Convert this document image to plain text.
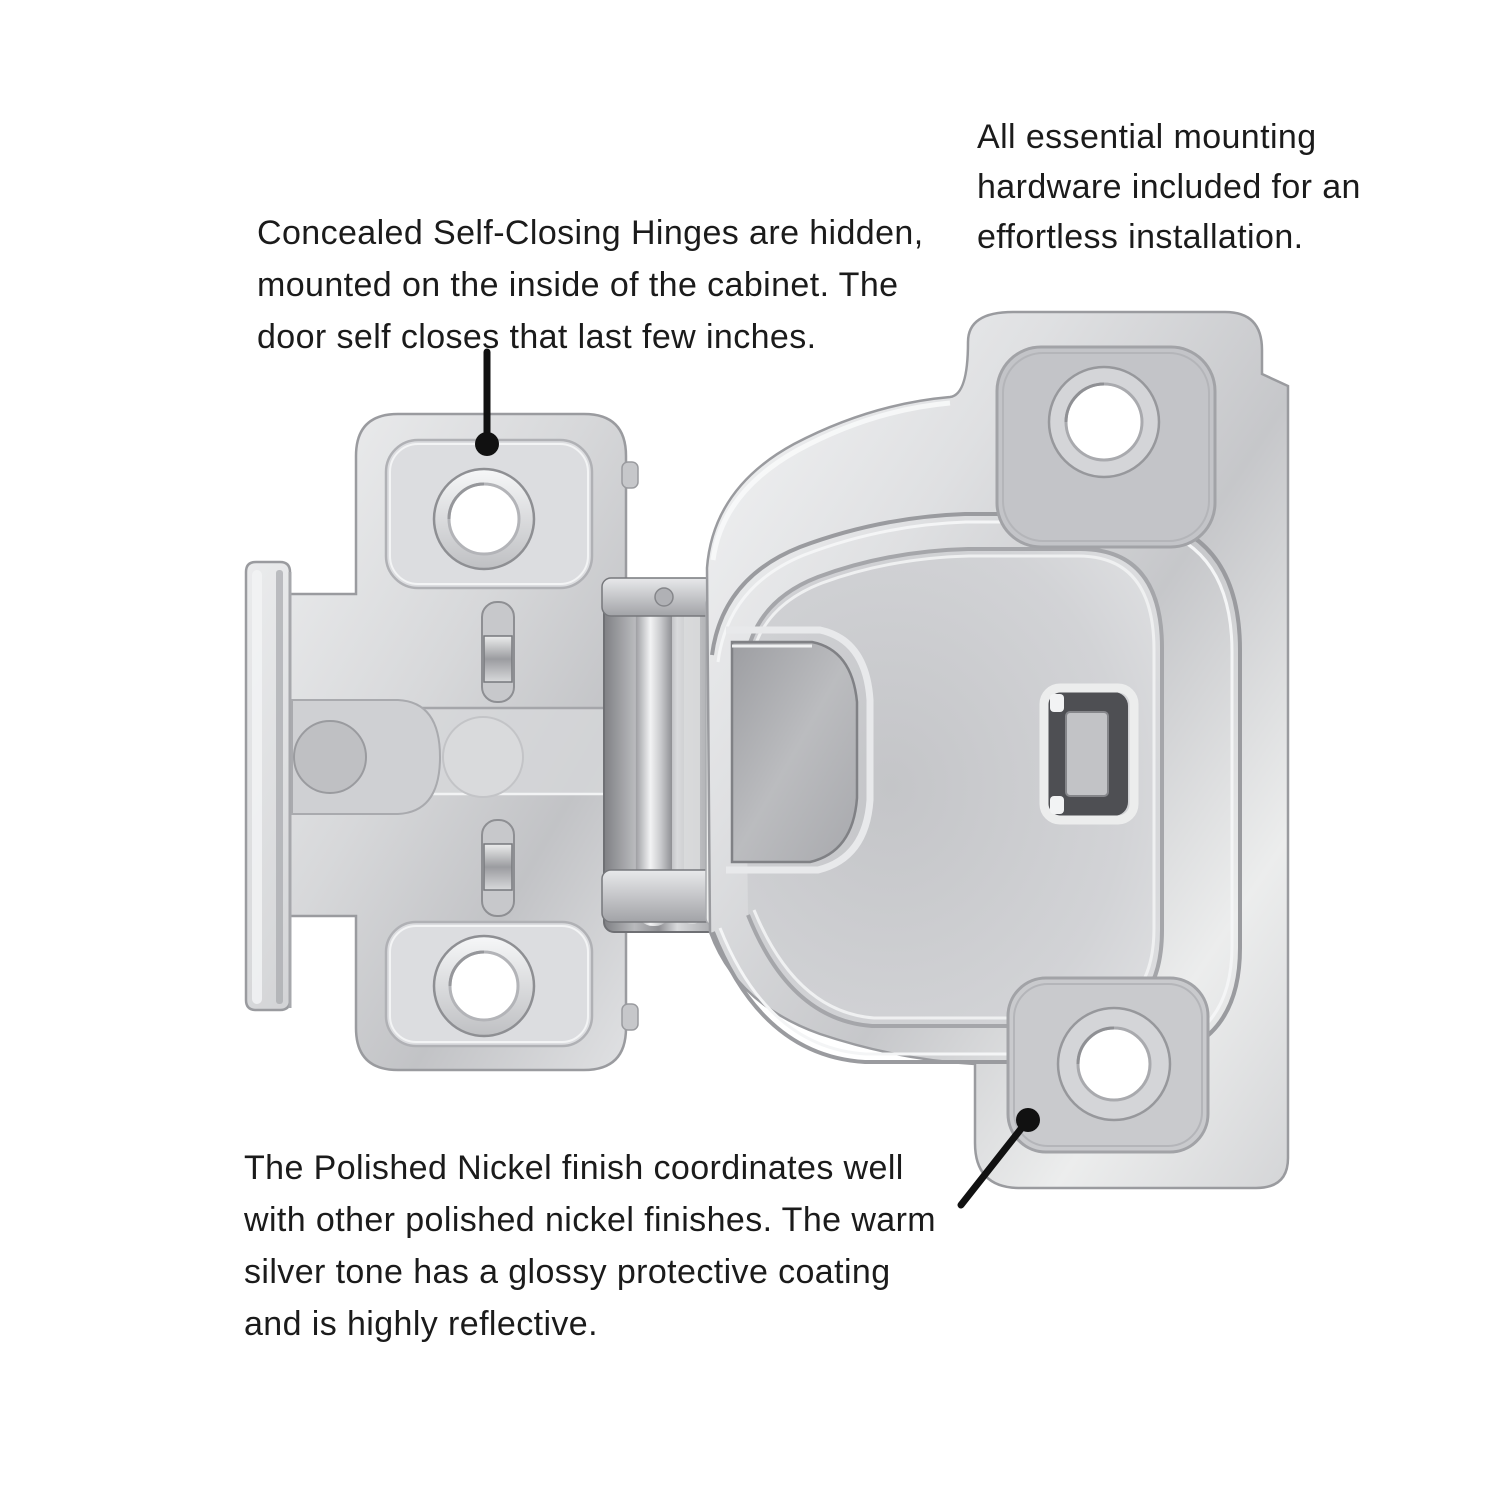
Concealed Self-Closing Hinges are hidden,
mounted on the inside of the cabinet. The
door self closes that last few inches.
All essential mounting
hardware included for an
effortless installation.
The Polished Nickel finish coordinates well
with other polished nickel finishes. The warm
silver tone has a glossy protective coating
and is highly reflective.
